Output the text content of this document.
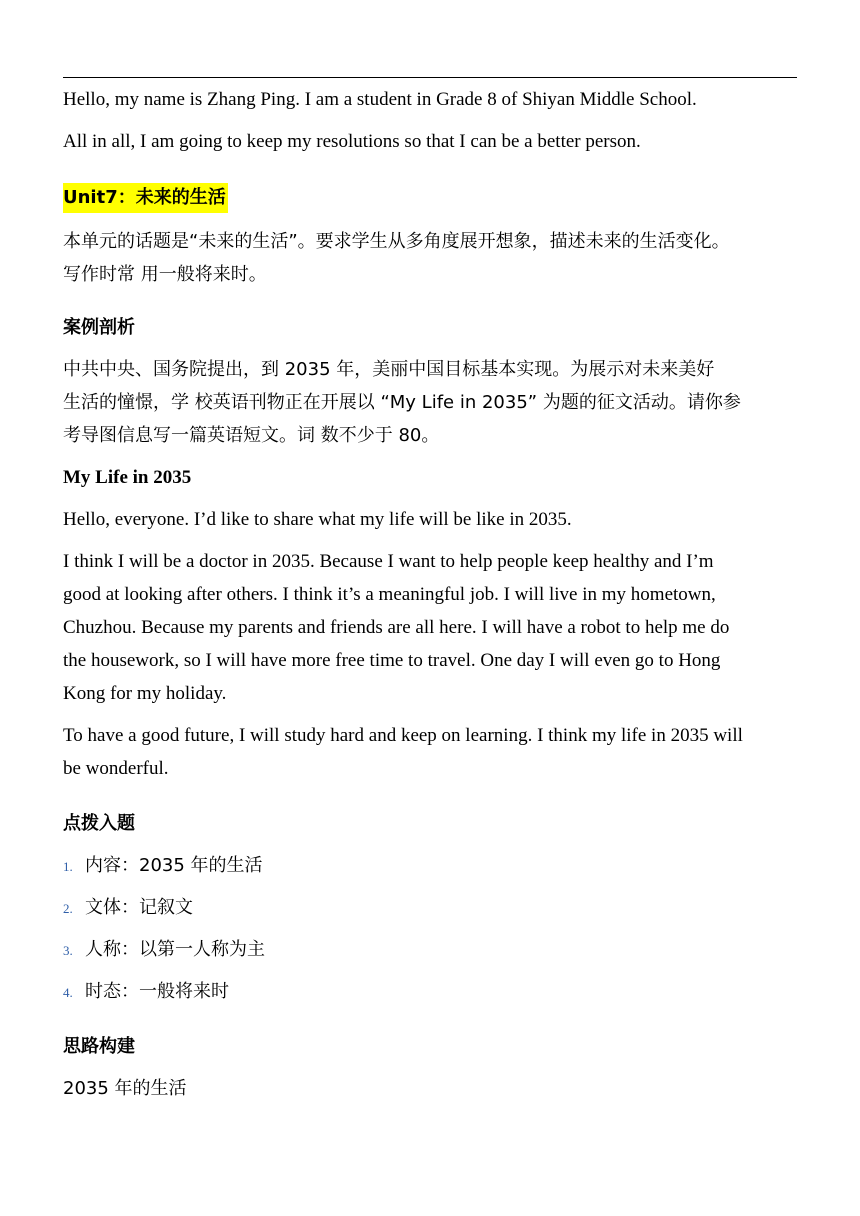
Hello, my name is Zhang Ping. I am a student in Grade 8 of Shiyan Middle School.
All in all, I am going to keep my resolutions so that I can be a better person.
Unit7：未来的生活
本单元的话题是“未来的生活”。要求学生从多角度展开想象，描述未来的生活变化。
写作时常 用一般将来时。
案例剖析
中共中央、国务院提出，到 2035 年，美丽中国目标基本实现。为展示对未来美好
生活的憧憬，学 校英语刊物正在开展以 “My Life in 2035” 为题的征文活动。请你参
考导图信息写一篇英语短文。词 数不少于 80。
My Life in 2035
Hello, everyone. I’d like to share what my life will be like in 2035.
I think I will be a doctor in 2035. Because I want to help people keep healthy and I’m
good at looking after others. I think it’s a meaningful job. I will live in my hometown,
Chuzhou. Because my parents and friends are all here. I will have a robot to help me do
the housework, so I will have more free time to travel. One day I will even go to Hong
Kong for my holiday.
To have a good future, I will study hard and keep on learning. I think my life in 2035 will
be wonderful.
点拨入题
1. 内容：2035 年的生活
2. 文体：记叙文
3. 人称：以第一人称为主
4. 时态：一般将来时
思路构建
2035 年的生活
